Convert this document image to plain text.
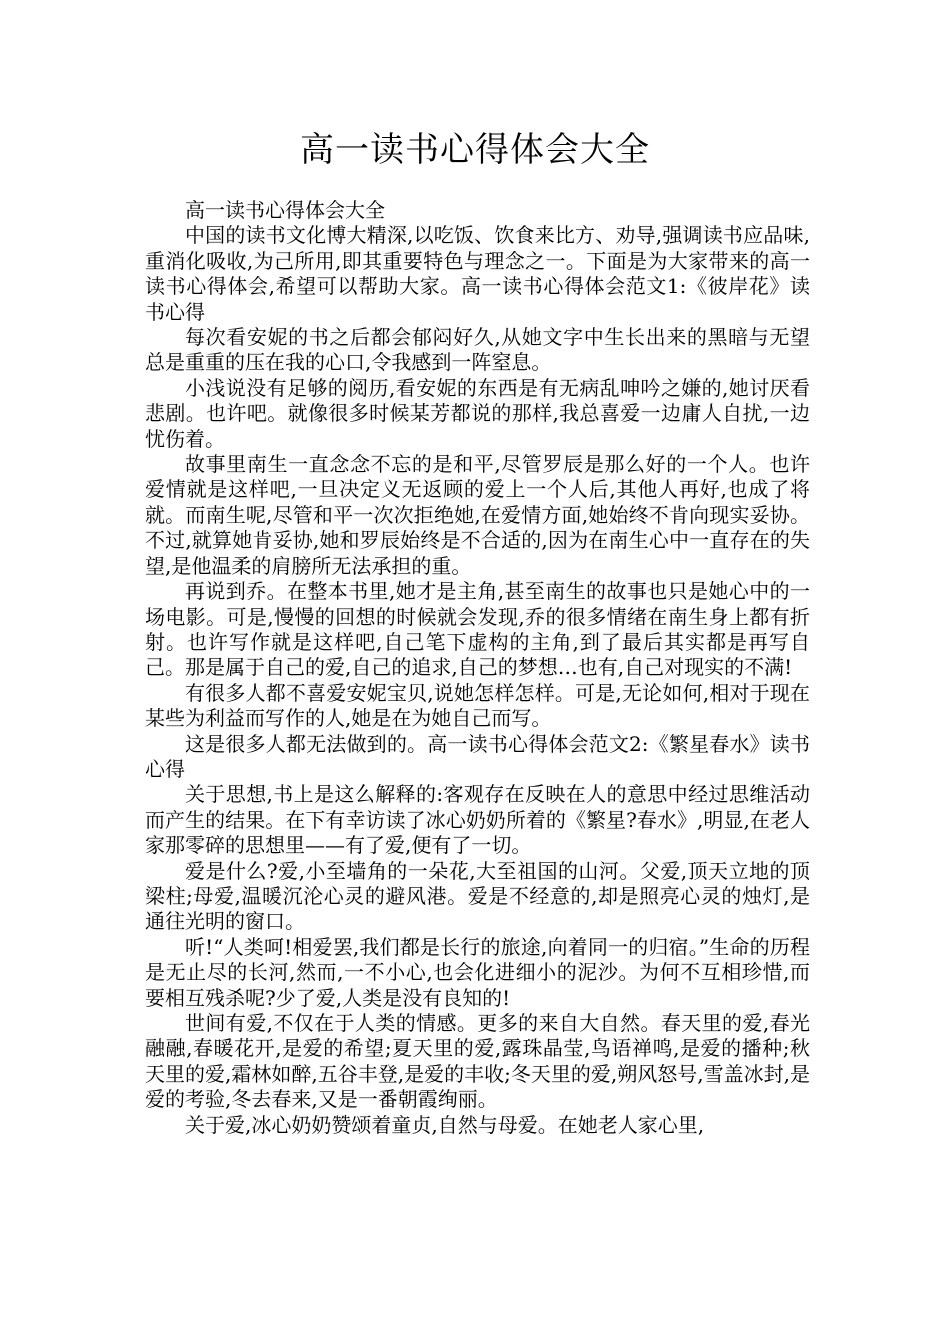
高一读书心得体会大全

高一读书心得体会大全

中国的读书文化博大精深,以吃饭、饮食来比方、劝导,强调读书应品味,重消化吸收,为己所用,即其重要特色与理念之一。下面是为大家带来的高一读书心得体会,希望可以帮助大家。高一读书心得体会范文1:《彼岸花》读书心得

每次看安妮的书之后都会郁闷好久,从她文字中生长出来的黑暗与无望总是重重的压在我的心口,令我感到一阵窒息。

小浅说没有足够的阅历,看安妮的东西是有无病乱呻吟之嫌的,她讨厌看悲剧。也许吧。就像很多时候某芳都说的那样,我总喜爱一边庸人自扰,一边忧伤着。

故事里南生一直念念不忘的是和平,尽管罗辰是那么好的一个人。也许爱情就是这样吧,一旦决定义无返顾的爱上一个人后,其他人再好,也成了将就。而南生呢,尽管和平一次次拒绝她,在爱情方面,她始终不肯向现实妥协。不过,就算她肯妥协,她和罗辰始终是不合适的,因为在南生心中一直存在的失望,是他温柔的肩膀所无法承担的重。

再说到乔。在整本书里,她才是主角,甚至南生的故事也只是她心中的一场电影。可是,慢慢的回想的时候就会发现,乔的很多情绪在南生身上都有折射。也许写作就是这样吧,自己笔下虚构的主角,到了最后其实都是再写自己。那是属于自己的爱,自己的追求,自己的梦想…也有,自己对现实的不满!

有很多人都不喜爱安妮宝贝,说她怎样怎样。可是,无论如何,相对于现在某些为利益而写作的人,她是在为她自己而写。

这是很多人都无法做到的。高一读书心得体会范文2:《繁星春水》读书心得

关于思想,书上是这么解释的:客观存在反映在人的意思中经过思维活动而产生的结果。在下有幸访读了冰心奶奶所着的《繁星?春水》,明显,在老人家那零碎的思想里——有了爱,便有了一切。

爱是什么?爱,小至墙角的一朵花,大至祖国的山河。父爱,顶天立地的顶梁柱;母爱,温暖沉沦心灵的避风港。爱是不经意的,却是照亮心灵的烛灯,是通往光明的窗口。

听!“人类呵!相爱罢,我们都是长行的旅途,向着同一的归宿。”生命的历程是无止尽的长河,然而,一不小心,也会化进细小的泥沙。为何不互相珍惜,而要相互残杀呢?少了爱,人类是没有良知的!

世间有爱,不仅在于人类的情感。更多的来自大自然。春天里的爱,春光融融,春暖花开,是爱的希望;夏天里的爱,露珠晶莹,鸟语禅鸣,是爱的播种;秋天里的爱,霜林如醉,五谷丰登,是爱的丰收;冬天里的爱,朔风怒号,雪盖冰封,是爱的考验,冬去春来,又是一番朝霞绚丽。

关于爱,冰心奶奶赞颂着童贞,自然与母爱。在她老人家心里,
